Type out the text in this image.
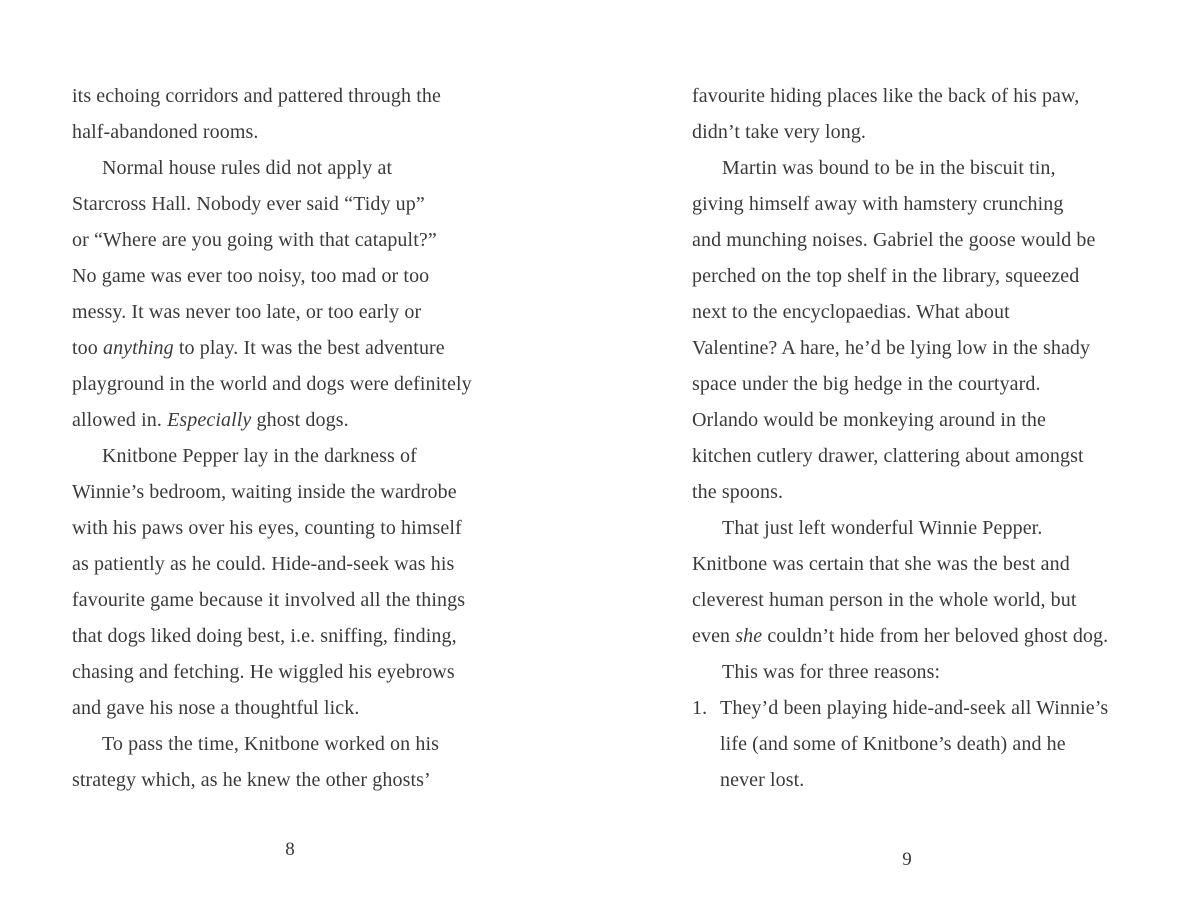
its echoing corridors and pattered through the
half-abandoned rooms.
Normal house rules did not apply at
Starcross Hall. Nobody ever said “Tidy up”
or “Where are you going with that catapult?”
No game was ever too noisy, too mad or too
messy. It was never too late, or too early or
too anything to play. It was the best adventure
playground in the world and dogs were definitely
allowed in. Especially ghost dogs.
Knitbone Pepper lay in the darkness of
Winnie’s bedroom, waiting inside the wardrobe
with his paws over his eyes, counting to himself
as patiently as he could. Hide-and-seek was his
favourite game because it involved all the things
that dogs liked doing best, i.e. sniffing, finding,
chasing and fetching. He wiggled his eyebrows
and gave his nose a thoughtful lick.
To pass the time, Knitbone worked on his
strategy which, as he knew the other ghosts’
8
favourite hiding places like the back of his paw,
didn’t take very long.
Martin was bound to be in the biscuit tin,
giving himself away with hamstery crunching
and munching noises. Gabriel the goose would be
perched on the top shelf in the library, squeezed
next to the encyclopaedias. What about
Valentine? A hare, he’d be lying low in the shady
space under the big hedge in the courtyard.
Orlando would be monkeying around in the
kitchen cutlery drawer, clattering about amongst
the spoons.
That just left wonderful Winnie Pepper.
Knitbone was certain that she was the best and
cleverest human person in the whole world, but
even she couldn’t hide from her beloved ghost dog.
This was for three reasons:
1. They’d been playing hide-and-seek all Winnie’s
life (and some of Knitbone’s death) and he
never lost.
9
